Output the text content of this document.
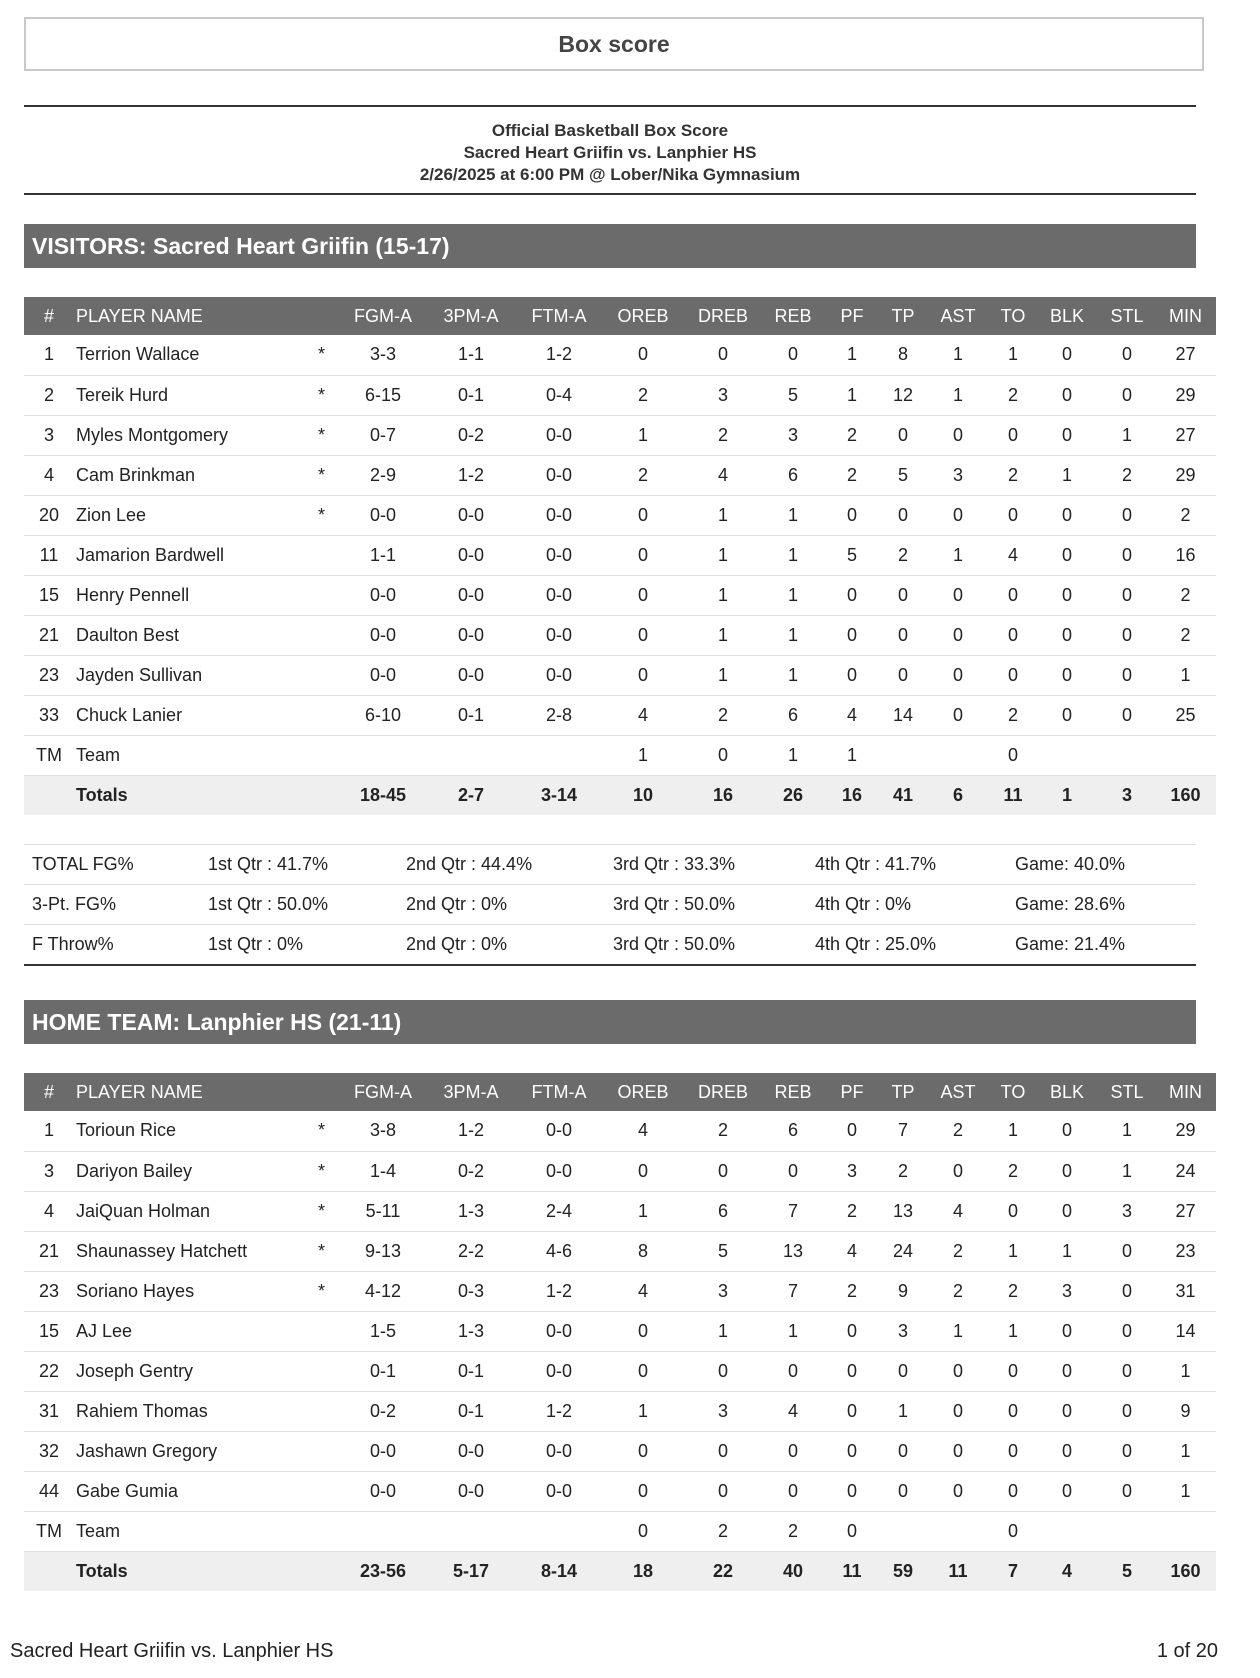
Box score
Official Basketball Box Score
Sacred Heart Griifin vs. Lanphier HS
2/26/2025 at 6:00 PM @ Lober/Nika Gymnasium
VISITORS: Sacred Heart Griifin (15-17)
#	PLAYER NAME		FGM-A	3PM-A	FTM-A	OREB	DREB	REB	PF	TP	AST	TO	BLK	STL	MIN
1	Terrion Wallace	*	3-3	1-1	1-2	0	0	0	1	8	1	1	0	0	27
2	Tereik Hurd	*	6-15	0-1	0-4	2	3	5	1	12	1	2	0	0	29
3	Myles Montgomery	*	0-7	0-2	0-0	1	2	3	2	0	0	0	0	1	27
4	Cam Brinkman	*	2-9	1-2	0-0	2	4	6	2	5	3	2	1	2	29
20	Zion Lee	*	0-0	0-0	0-0	0	1	1	0	0	0	0	0	0	2
11	Jamarion Bardwell		1-1	0-0	0-0	0	1	1	5	2	1	4	0	0	16
15	Henry Pennell		0-0	0-0	0-0	0	1	1	0	0	0	0	0	0	2
21	Daulton Best		0-0	0-0	0-0	0	1	1	0	0	0	0	0	0	2
23	Jayden Sullivan		0-0	0-0	0-0	0	1	1	0	0	0	0	0	0	1
33	Chuck Lanier		6-10	0-1	2-8	4	2	6	4	14	0	2	0	0	25
TM	Team					1	0	1	1			0			
	Totals		18-45	2-7	3-14	10	16	26	16	41	6	11	1	3	160
TOTAL FG%	1st Qtr : 41.7%	2nd Qtr : 44.4%	3rd Qtr : 33.3%	4th Qtr : 41.7%	Game: 40.0%
3-Pt. FG%	1st Qtr : 50.0%	2nd Qtr : 0%	3rd Qtr : 50.0%	4th Qtr : 0%	Game: 28.6%
F Throw%	1st Qtr : 0%	2nd Qtr : 0%	3rd Qtr : 50.0%	4th Qtr : 25.0%	Game: 21.4%
HOME TEAM: Lanphier HS (21-11)
#	PLAYER NAME		FGM-A	3PM-A	FTM-A	OREB	DREB	REB	PF	TP	AST	TO	BLK	STL	MIN
1	Torioun Rice	*	3-8	1-2	0-0	4	2	6	0	7	2	1	0	1	29
3	Dariyon Bailey	*	1-4	0-2	0-0	0	0	0	3	2	0	2	0	1	24
4	JaiQuan Holman	*	5-11	1-3	2-4	1	6	7	2	13	4	0	0	3	27
21	Shaunassey Hatchett	*	9-13	2-2	4-6	8	5	13	4	24	2	1	1	0	23
23	Soriano Hayes	*	4-12	0-3	1-2	4	3	7	2	9	2	2	3	0	31
15	AJ Lee		1-5	1-3	0-0	0	1	1	0	3	1	1	0	0	14
22	Joseph Gentry		0-1	0-1	0-0	0	0	0	0	0	0	0	0	0	1
31	Rahiem Thomas		0-2	0-1	1-2	1	3	4	0	1	0	0	0	0	9
32	Jashawn Gregory		0-0	0-0	0-0	0	0	0	0	0	0	0	0	0	1
44	Gabe Gumia		0-0	0-0	0-0	0	0	0	0	0	0	0	0	0	1
TM	Team					0	2	2	0			0			
	Totals		23-56	5-17	8-14	18	22	40	11	59	11	7	4	5	160
Sacred Heart Griifin vs. Lanphier HS	1 of 20
